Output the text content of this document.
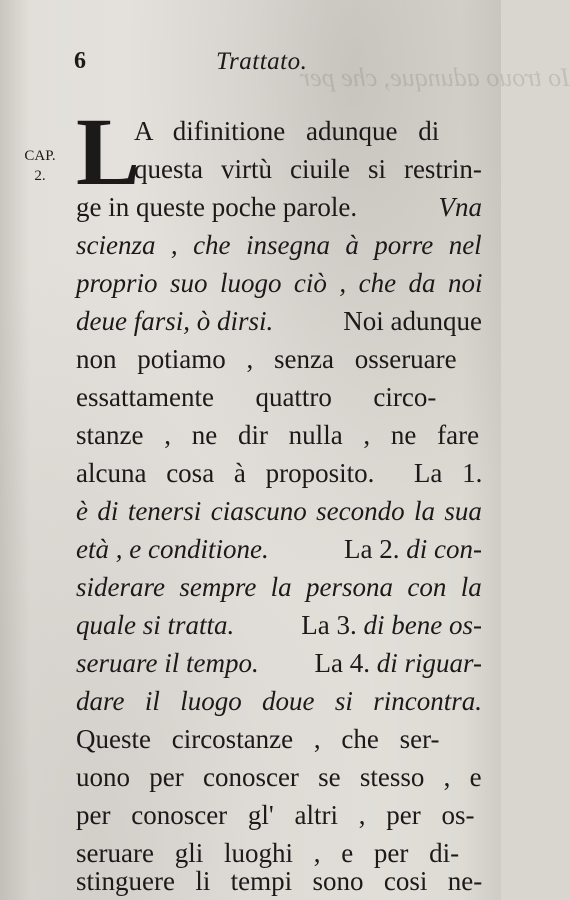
Io trouo adunque, che per
6	Trattato.
CAP.
2. L
A difinitione adunque di
questa virtù ciuile si restrin-
ge in queste poche parole.	Vna
scienza , che insegna à porre nel
proprio suo luogo ciò , che da noi
deue farsi, ò dirsi.	Noi adunque
non potiamo , senza osseruare
essattamente  quattro  circo-
stanze , ne dir nulla , ne fare
alcuna cosa à proposito.  La 1.
è di tenersi ciascuno secondo la sua
età , e conditione.	La 2. di con-
siderare sempre la persona con la
quale si tratta. La 3. di bene os-
seruare il tempo. La 4. di riguar-
dare il luogo doue si rincontra.
Queste circostanze , che ser-
uono per conoscer se stesso , e
per conoscer gl' altri , per os-
seruare gli luoghi , e per di-
stinguere li tempi sono cosi ne-
